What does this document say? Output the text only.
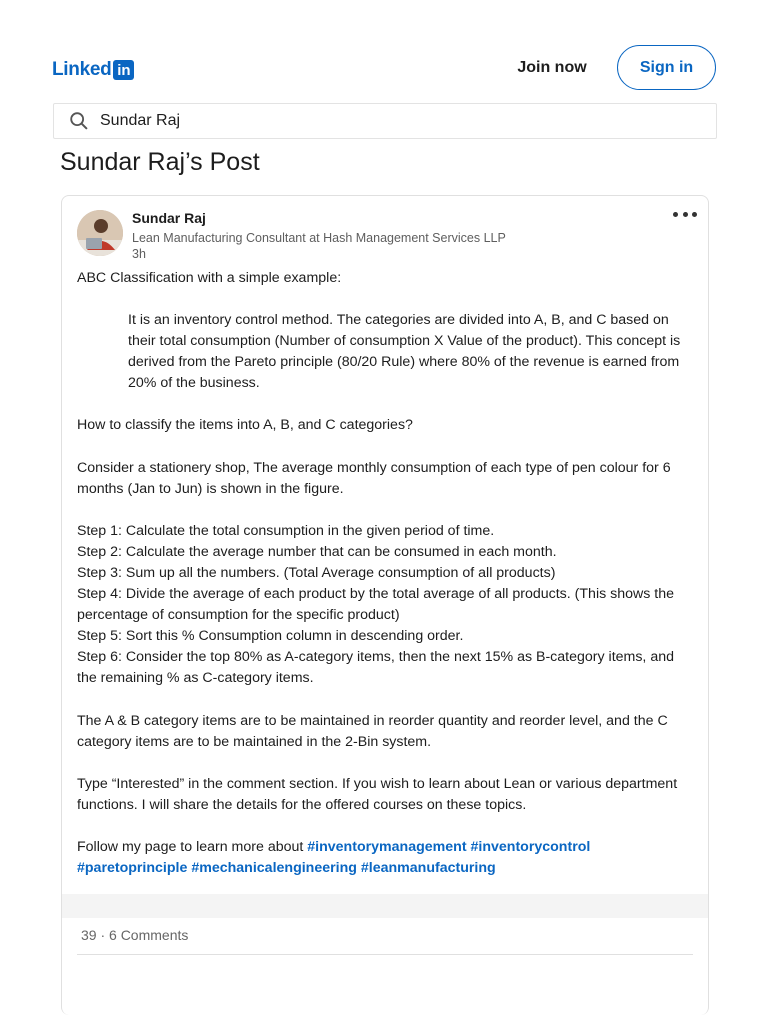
Linked in	Join now	Sign in
Sundar Raj
Sundar Raj’s Post
Sundar Raj
Lean Manufacturing Consultant at Hash Management Services LLP
3h

ABC Classification with a simple example:

It is an inventory control method. The categories are divided into A, B, and C based on their total consumption (Number of consumption X Value of the product). This concept is derived from the Pareto principle (80/20 Rule) where 80% of the revenue is earned from 20% of the business.

How to classify the items into A, B, and C categories?

Consider a stationery shop, The average monthly consumption of each type of pen colour for 6 months (Jan to Jun) is shown in the figure.

Step 1: Calculate the total consumption in the given period of time.

Step 2: Calculate the average number that can be consumed in each month.

Step 3: Sum up all the numbers. (Total Average consumption of all products)

Step 4: Divide the average of each product by the total average of all products. (This shows the percentage of consumption for the specific product)

Step 5: Sort this % Consumption column in descending order.

Step 6: Consider the top 80% as A-category items, then the next 15% as B-category items, and the remaining % as C-category items.

The A & B category items are to be maintained in reorder quantity and reorder level, and the C category items are to be maintained in the 2-Bin system.

Type “Interested” in the comment section. If you wish to learn about Lean or various department functions. I will share the details for the offered courses on these topics.

Follow my page to learn more about #inventorymanagement #inventorycontrol #paretoprinciple #mechanicalengineering #leanmanufacturing

39 · 6 Comments
